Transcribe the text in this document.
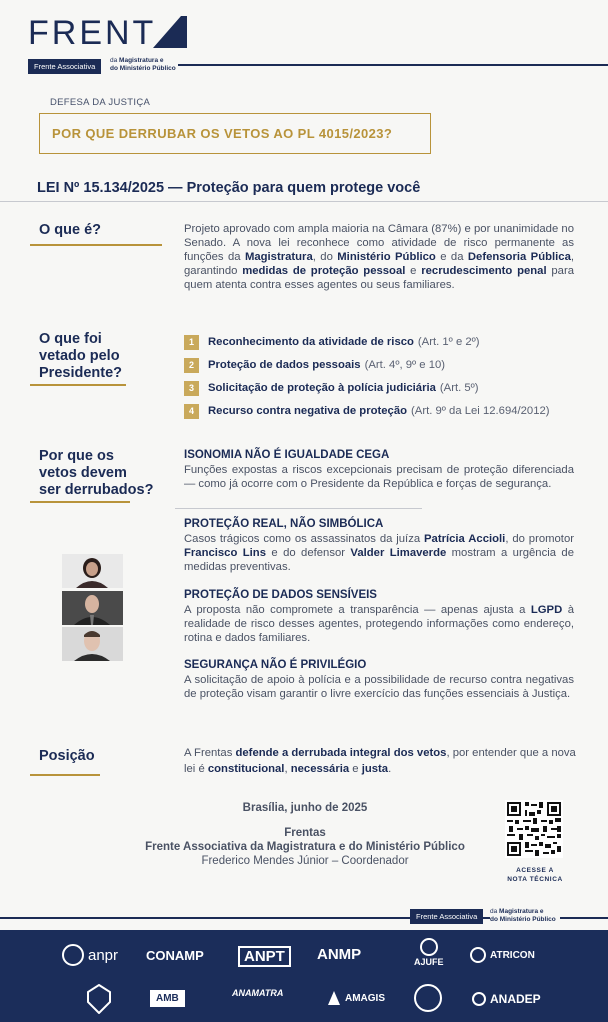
FRENT
Frente Associativa
da Magistratura e
do Ministério Público
DEFESA DA JUSTIÇA
POR QUE DERRUBAR OS VETOS AO PL 4015/2023?
LEI Nº 15.134/2025 — Proteção para quem protege você
O que é?	Projeto aprovado com ampla maioria na Câmara (87%) e por unanimidade no Senado. A nova lei reconhece como atividade de risco permanente as funções da Magistratura, do Ministério Público e da Defensoria Pública, garantindo medidas de proteção pessoal e recrudescimento penal para quem atenta contra esses agentes ou seus familiares.
O que foi
vetado pelo
Presidente?
1	Reconhecimento da atividade de risco (Art. 1º e 2º)
2	Proteção de dados pessoais (Art. 4º, 9º e 10)
3	Solicitação de proteção à polícia judiciária (Art. 5º)
4	Recurso contra negativa de proteção (Art. 9º da Lei 12.694/2012)
Por que os
vetos devem
ser derrubados?
ISONOMIA NÃO É IGUALDADE CEGA
Funções expostas a riscos excepcionais precisam de proteção diferenciada — como já ocorre com o Presidente da República e forças de segurança.
PROTEÇÃO REAL, NÃO SIMBÓLICA
Casos trágicos como os assassinatos da juíza Patrícia Accioli, do promotor Francisco Lins e do defensor Valder Limaverde mostram a urgência de medidas preventivas.
PROTEÇÃO DE DADOS SENSÍVEIS
A proposta não compromete a transparência — apenas ajusta a LGPD à realidade de risco desses agentes, protegendo informações como endereço, rotina e dados familiares.
SEGURANÇA NÃO É PRIVILÉGIO
A solicitação de apoio à polícia e a possibilidade de recurso contra negativas de proteção visam garantir o livre exercício das funções essenciais à Justiça.
Posição	A Frentas defende a derrubada integral dos vetos, por entender que a nova lei é constitucional, necessária e justa.
Brasília, junho de 2025
Frentas
Frente Associativa da Magistratura e do Ministério Público
Frederico Mendes Júnior – Coordenador
ACESSE A
NOTA TÉCNICA
Frente Associativa
da Magistratura e
do Ministério Público
anpr CONAMP	ANPT ANMP	AJUFE
ATRICON
AMB	ANAMATRA	AMAGIS	ANADEP
